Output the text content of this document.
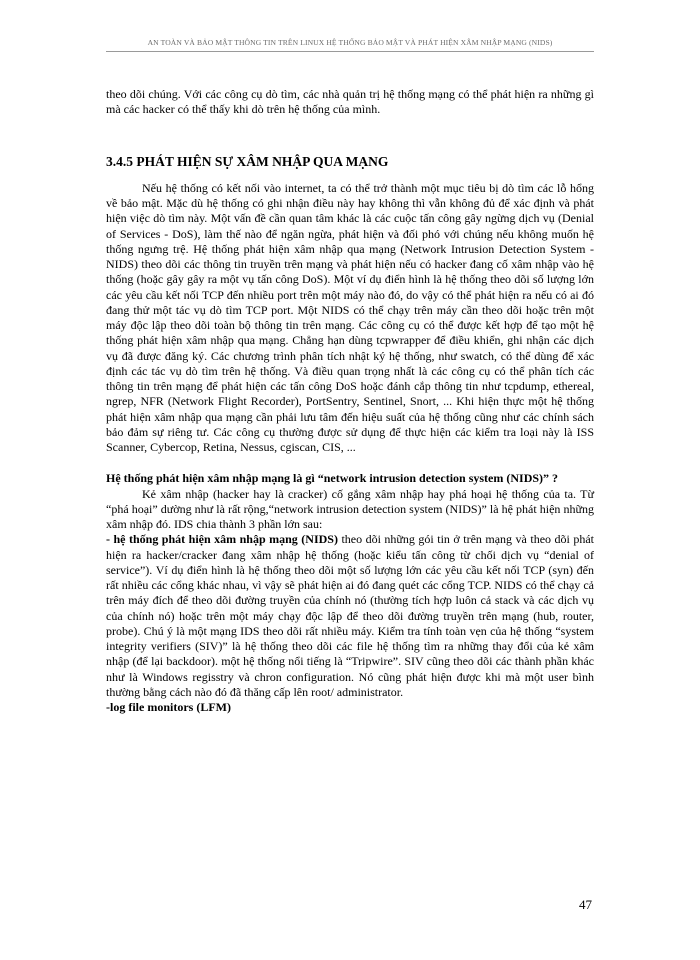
AN TOÀN VÀ BẢO MẬT THÔNG TIN TRÊN LINUX HỆ THỐNG BẢO MẬT VÀ PHÁT HIỆN XÂM NHẬP MẠNG (NIDS)

theo dõi chúng. Với các công cụ dò tìm, các nhà quản trị hệ thống mạng có thể phát hiện ra những gì mà các hacker có thể thấy khi dò trên hệ thống của mình.

3.4.5 PHÁT HIỆN SỰ XÂM NHẬP QUA MẠNG

Nếu hệ thống có kết nối vào internet, ta có thể trở thành một mục tiêu bị dò tìm các lỗ hổng về bảo mật. Mặc dù hệ thống có ghi nhận điều này hay không thì vẫn không đủ để xác định và phát hiện việc dò tìm này. Một vấn đề cần quan tâm khác là các cuộc tấn công gây ngừng dịch vụ (Denial of Services - DoS), làm thế nào để ngăn ngừa, phát hiện và đối phó với chúng nếu không muốn hệ thống ngưng trệ. Hệ thống phát hiện xâm nhập qua mạng (Network Intrusion Detection System - NIDS) theo dõi các thông tin truyền trên mạng và phát hiện nếu có hacker đang cố xâm nhập vào hệ thống (hoặc gây gây ra một vụ tấn công DoS). Một ví dụ điển hình là hệ thống theo dõi số lượng lớn các yêu cầu kết nối TCP đến nhiều port trên một máy nào đó, do vậy có thể phát hiện ra nếu có ai đó đang thử một tác vụ dò tìm TCP port. Một NIDS có thể chạy trên máy cần theo dõi hoặc trên một máy độc lập theo dõi toàn bộ thông tin trên mạng. Các công cụ có thể được kết hợp để tạo một hệ thống phát hiện xâm nhập qua mạng. Chẳng hạn dùng tcpwrapper để điều khiển, ghi nhận các dịch vụ đã được đăng ký. Các chương trình phân tích nhật ký hệ thống, như swatch, có thể dùng để xác định các tác vụ dò tìm trên hệ thống. Và điều quan trọng nhất là các công cụ có thể phân tích các thông tin trên mạng để phát hiện các tấn công DoS hoặc đánh cắp thông tin như tcpdump, ethereal, ngrep, NFR (Network Flight Recorder), PortSentry, Sentinel, Snort, ... Khi hiện thực một hệ thống phát hiện xâm nhập qua mạng cần phải lưu tâm đến hiệu suất của hệ thống cũng như các chính sách bảo đảm sự riêng tư. Các công cụ thường được sử dụng để thực hiện các kiểm tra loại này là ISS Scanner, Cybercop, Retina, Nessus, cgiscan, CIS, ...

Hệ thống phát hiện xâm nhập mạng là gì “network intrusion detection system (NIDS)” ?

Kẻ xâm nhập (hacker hay là cracker) cố gắng xâm nhập hay phá hoại hệ thống của ta. Từ “phá hoại” dường như là rất rộng,“network intrusion detection system (NIDS)” là hệ phát hiện những xâm nhập đó. IDS chia thành 3 phần lớn sau:

- hệ thống phát hiện xâm nhập mạng (NIDS) theo dõi những gói tin ở trên mạng và theo dõi phát hiện ra hacker/cracker đang xâm nhập hệ thống (hoặc kiểu tấn công từ chối dịch vụ “denial of service”). Ví dụ điển hình là hệ thống theo dõi một số lượng lớn các yêu cầu kết nối TCP (syn) đến rất nhiều các cổng khác nhau, vì vậy sẽ phát hiện ai đó đang quét các cổng TCP. NIDS có thể chạy cả trên máy đích để theo dõi đường truyền của chính nó (thường tích hợp luôn cả stack và các dịch vụ của chính nó) hoặc trên một máy chạy độc lập để theo dõi đường truyền trên mạng (hub, router, probe). Chú ý là một mạng IDS theo dõi rất nhiều máy. Kiểm tra tính toàn vẹn của hệ thống “system integrity verifiers (SIV)” là hệ thống theo dõi các file hệ thống tìm ra những thay đổi của kẻ xâm nhập (để lại backdoor). một hệ thống nổi tiếng là “Tripwire”. SIV cũng theo dõi các thành phần khác như là Windows regisstry và chron configuration. Nó cũng phát hiện được khi mà một user bình thường bằng cách nào đó đã thăng cấp lên root/ administrator.

-log file monitors (LFM)

47
